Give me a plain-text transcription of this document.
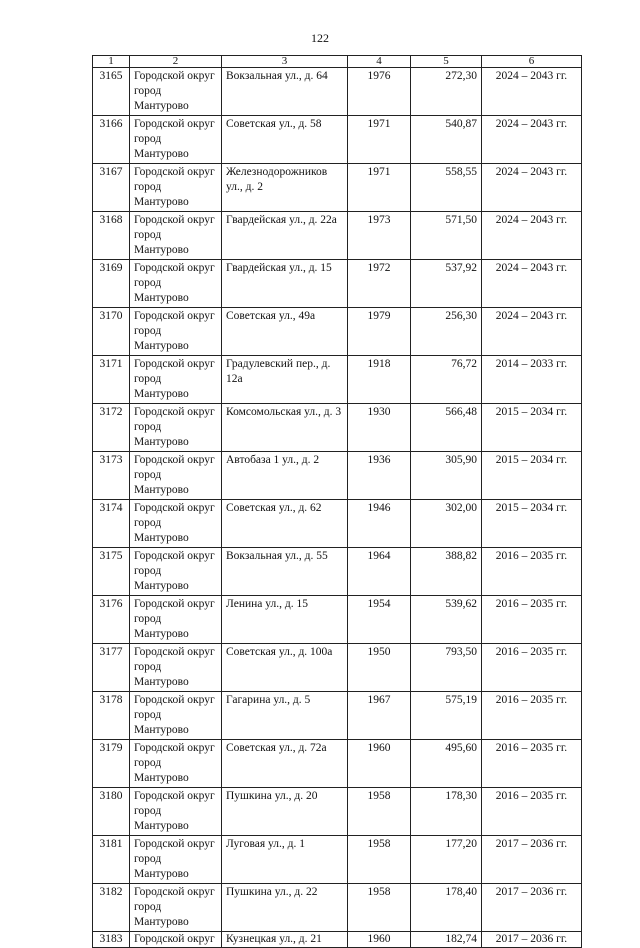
122
1	2	3	4	5	6
3165	Городской округ город Мантурово	Вокзальная ул., д. 64	1976	272,30	2024 – 2043 гг.
3166	Городской округ город Мантурово	Советская ул., д. 58	1971	540,87	2024 – 2043 гг.
3167	Городской округ город Мантурово	Железнодорожников ул., д. 2	1971	558,55	2024 – 2043 гг.
3168	Городской округ город Мантурово	Гвардейская ул., д. 22а	1973	571,50	2024 – 2043 гг.
3169	Городской округ город Мантурово	Гвардейская ул., д. 15	1972	537,92	2024 – 2043 гг.
3170	Городской округ город Мантурово	Советская ул., 49а	1979	256,30	2024 – 2043 гг.
3171	Городской округ город Мантурово	Градулевский пер., д. 12а	1918	76,72	2014 – 2033 гг.
3172	Городской округ город Мантурово	Комсомольская ул., д. 3	1930	566,48	2015 – 2034 гг.
3173	Городской округ город Мантурово	Автобаза 1 ул., д. 2	1936	305,90	2015 – 2034 гг.
3174	Городской округ город Мантурово	Советская ул., д. 62	1946	302,00	2015 – 2034 гг.
3175	Городской округ город Мантурово	Вокзальная ул., д. 55	1964	388,82	2016 – 2035 гг.
3176	Городской округ город Мантурово	Ленина ул., д. 15	1954	539,62	2016 – 2035 гг.
3177	Городской округ город Мантурово	Советская ул., д. 100а	1950	793,50	2016 – 2035 гг.
3178	Городской округ город Мантурово	Гагарина ул., д. 5	1967	575,19	2016 – 2035 гг.
3179	Городской округ город Мантурово	Советская ул., д. 72а	1960	495,60	2016 – 2035 гг.
3180	Городской округ город Мантурово	Пушкина ул., д. 20	1958	178,30	2016 – 2035 гг.
3181	Городской округ город Мантурово	Луговая ул., д. 1	1958	177,20	2017 – 2036 гг.
3182	Городской округ город Мантурово	Пушкина ул., д. 22	1958	178,40	2017 – 2036 гг.
3183	Городской округ	Кузнецкая ул., д. 21	1960	182,74	2017 – 2036 гг.
